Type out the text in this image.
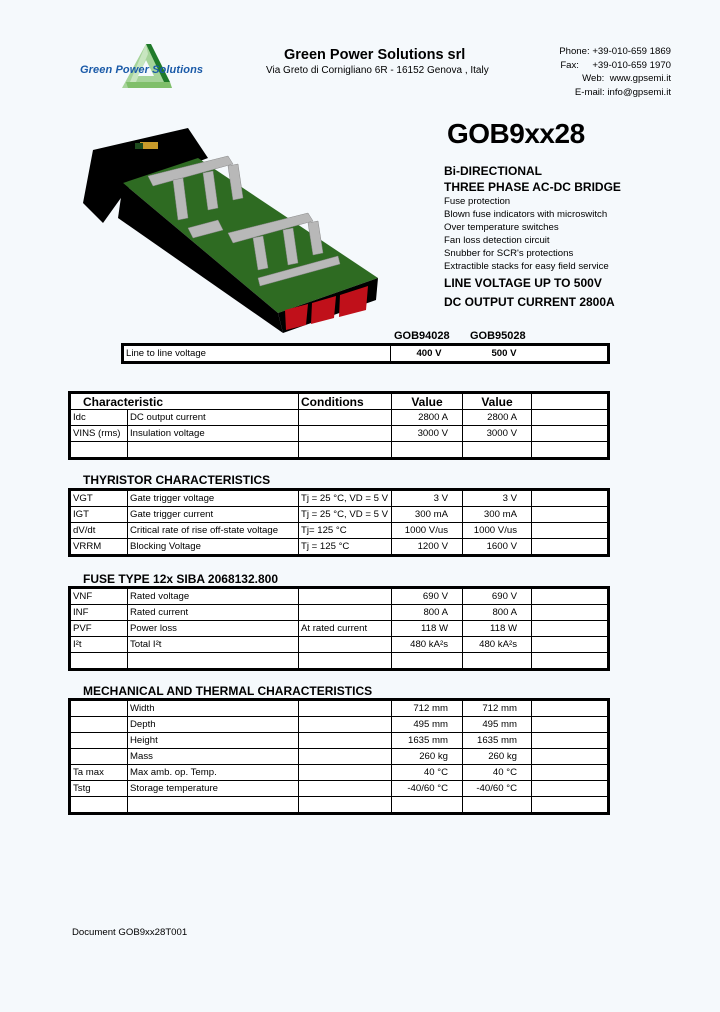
Green Power Solutions
Green Power Solutions srl
Via Greto di Cornigliano 6R - 16152 Genova , Italy
Phone: +39-010-659 1869
Fax: +39-010-659 1970
Web: www.gpsemi.it
E-mail: info@gpsemi.it
GOB9xx28
Bi-DIRECTIONAL
THREE PHASE AC-DC BRIDGE
Fuse protection
Blown fuse indicators with microswitch
Over temperature switches
Fan loss detection circuit
Snubber for SCR's protections
Extractible stacks for easy field service
LINE VOLTAGE UP TO 500V
DC OUTPUT CURRENT 2800A
GOB94028 GOB95028
Line to line voltage	400 V	500 V	
Characteristic		Conditions	Value	Value	
Idc	DC output current		2800 A	2800 A	
VINS (rms)	Insulation voltage		3000 V	3000 V	

THYRISTOR CHARACTERISTICS
VGT	Gate trigger voltage	Tj = 25 °C, VD = 5 V	3 V	3 V	
IGT	Gate trigger current	Tj = 25 °C, VD = 5 V	300 mA	300 mA	
dV/dt	Critical rate of rise off-state voltage	Tj= 125 °C	1000 V/us	1000 V/us	
VRRM	Blocking Voltage	Tj = 125 °C	1200 V	1600 V	
FUSE TYPE 12x SIBA 2068132.800
VNF	Rated voltage		690 V	690 V	
INF	Rated current		800 A	800 A	
PVF	Power loss	At rated current	118 W	118 W	
I²t	Total I²t		480 kA²s	480 kA²s	

MECHANICAL AND THERMAL CHARACTERISTICS
	Width		712 mm	712 mm	
	Depth		495 mm	495 mm	
	Height		1635 mm	1635 mm	
	Mass		260 kg	260 kg	
Ta max	Max amb. op. Temp.		40 °C	40 °C	
Tstg	Storage temperature		-40/60 °C	-40/60 °C	

Document GOB9xx28T001
